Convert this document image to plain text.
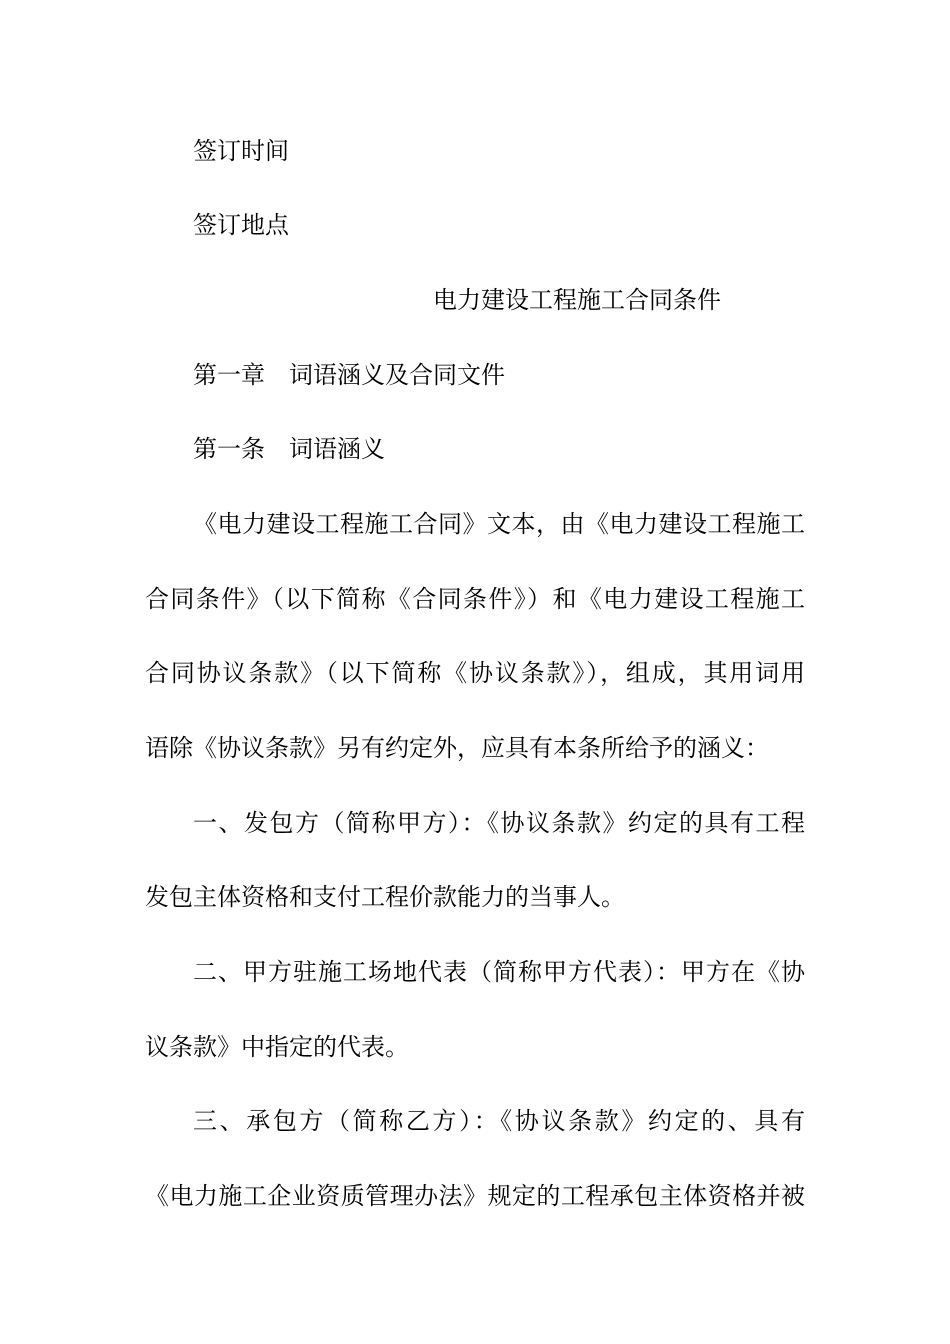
签订时间
签订地点
电力建设工程施工合同条件
第一章　词语涵义及合同文件
第一条　词语涵义
《电力建设工程施工合同》文本，由《电力建设工程施工
合同条件》（以下简称《合同条件》）和《电力建设工程施工
合同协议条款》（以下简称《协议条款》），组成，其用词用
语除《协议条款》另有约定外，应具有本条所给予的涵义：
一、发包方（简称甲方）：《协议条款》约定的具有工程
发包主体资格和支付工程价款能力的当事人。
二、甲方驻施工场地代表（简称甲方代表）：甲方在《协
议条款》中指定的代表。
三、承包方（简称乙方）：《协议条款》约定的、具有
《电力施工企业资质管理办法》规定的工程承包主体资格并被
